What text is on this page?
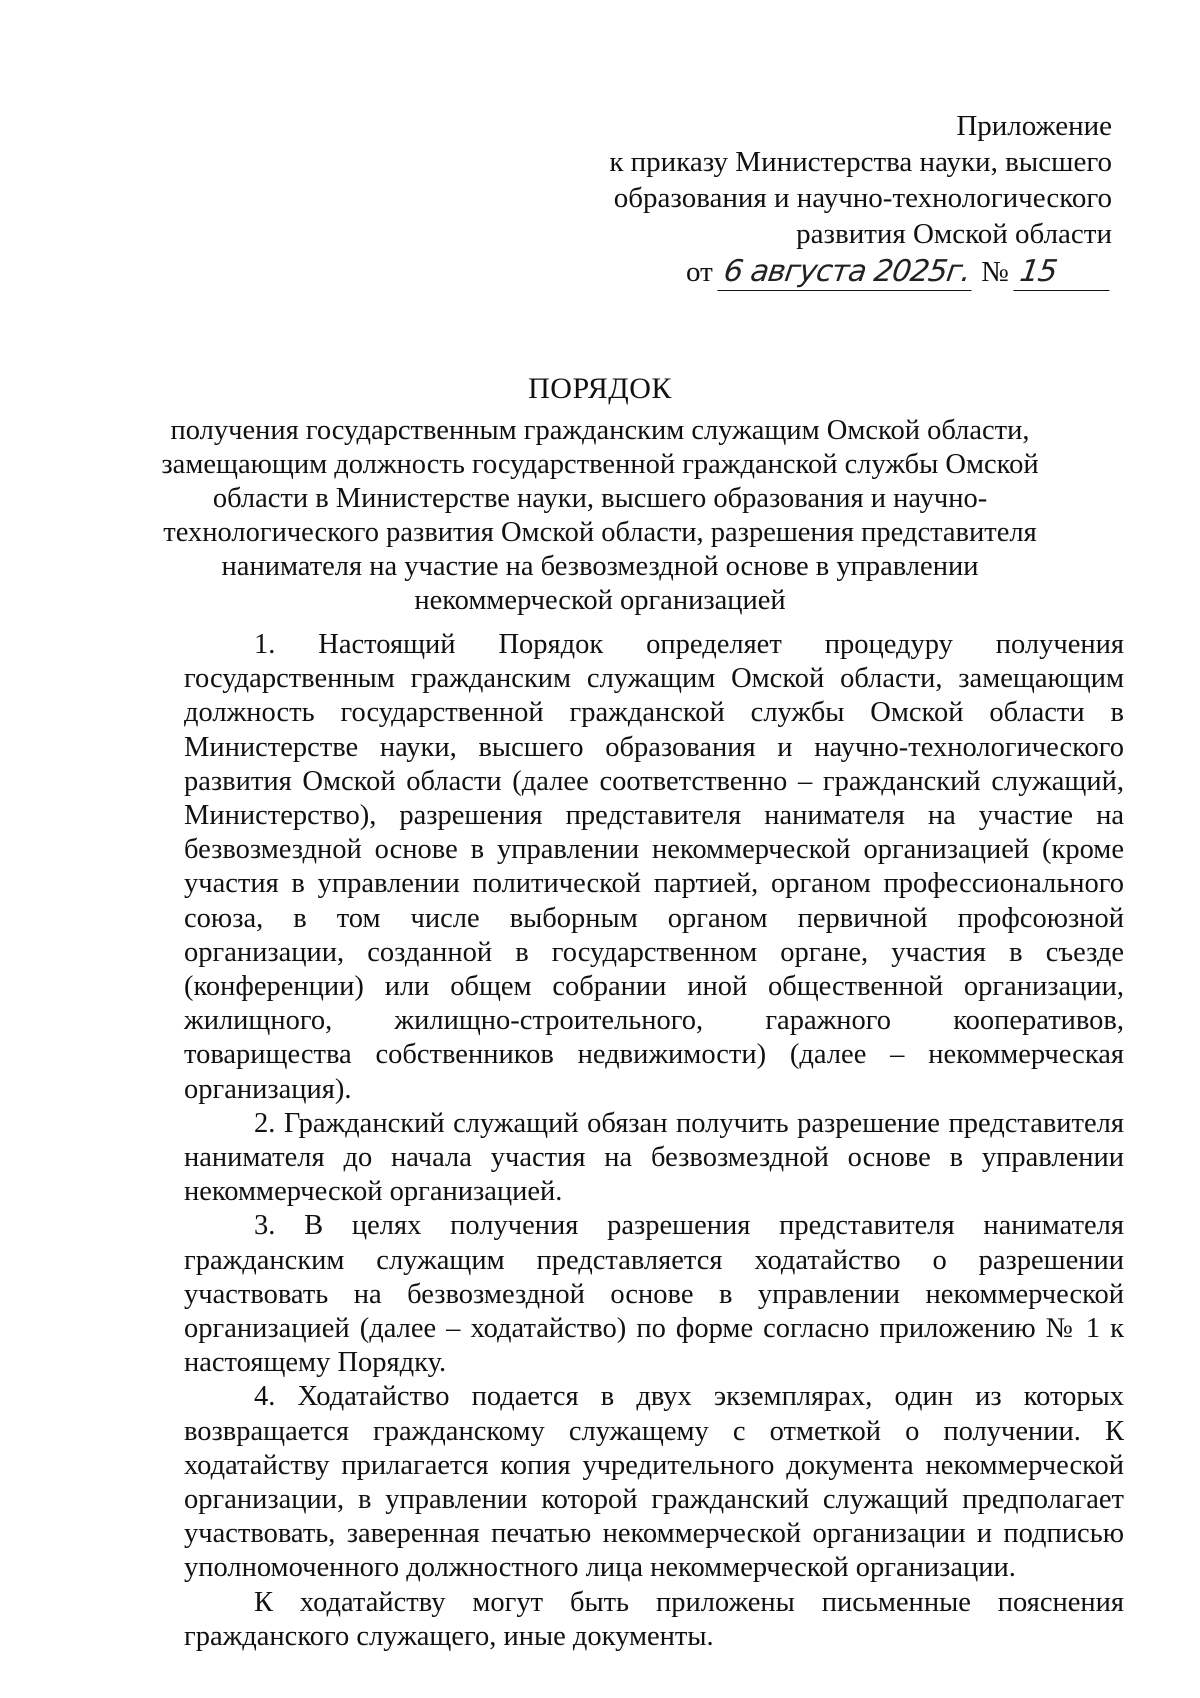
Приложение
к приказу Министерства науки, высшего
образования и научно-технологического
развития Омской области
от 6 августа 2025г. № 15
ПОРЯДОК
получения государственным гражданским служащим Омской области,
замещающим должность государственной гражданской службы Омской
области в Министерстве науки, высшего образования и научно-
технологического развития Омской области, разрешения представителя
нанимателя на участие на безвозмездной основе в управлении
некоммерческой организацией

1. Настоящий Порядок определяет процедуру получения государственным гражданским служащим Омской области, замещающим должность государственной гражданской службы Омской области в Министерстве науки, высшего образования и научно-технологического развития Омской области (далее соответственно – гражданский служащий, Министерство), разрешения представителя нанимателя на участие на безвозмездной основе в управлении некоммерческой организацией (кроме участия в управлении политической партией, органом профессионального союза, в том числе выборным органом первичной профсоюзной организации, созданной в государственном органе, участия в съезде (конференции) или общем собрании иной общественной организации, жилищного, жилищно-строительного, гаражного кооперативов, товарищества собственников недвижимости) (далее – некоммерческая организация).

2. Гражданский служащий обязан получить разрешение представителя нанимателя до начала участия на безвозмездной основе в управлении некоммерческой организацией.

3. В целях получения разрешения представителя нанимателя гражданским служащим представляется ходатайство о разрешении участвовать на безвозмездной основе в управлении некоммерческой организацией (далее – ходатайство) по форме согласно приложению № 1 к настоящему Порядку.

4. Ходатайство подается в двух экземплярах, один из которых возвращается гражданскому служащему с отметкой о получении. К ходатайству прилагается копия учредительного документа некоммерческой организации, в управлении которой гражданский служащий предполагает участвовать, заверенная печатью некоммерческой организации и подписью уполномоченного должностного лица некоммерческой организации.

К ходатайству могут быть приложены письменные пояснения гражданского служащего, иные документы.
